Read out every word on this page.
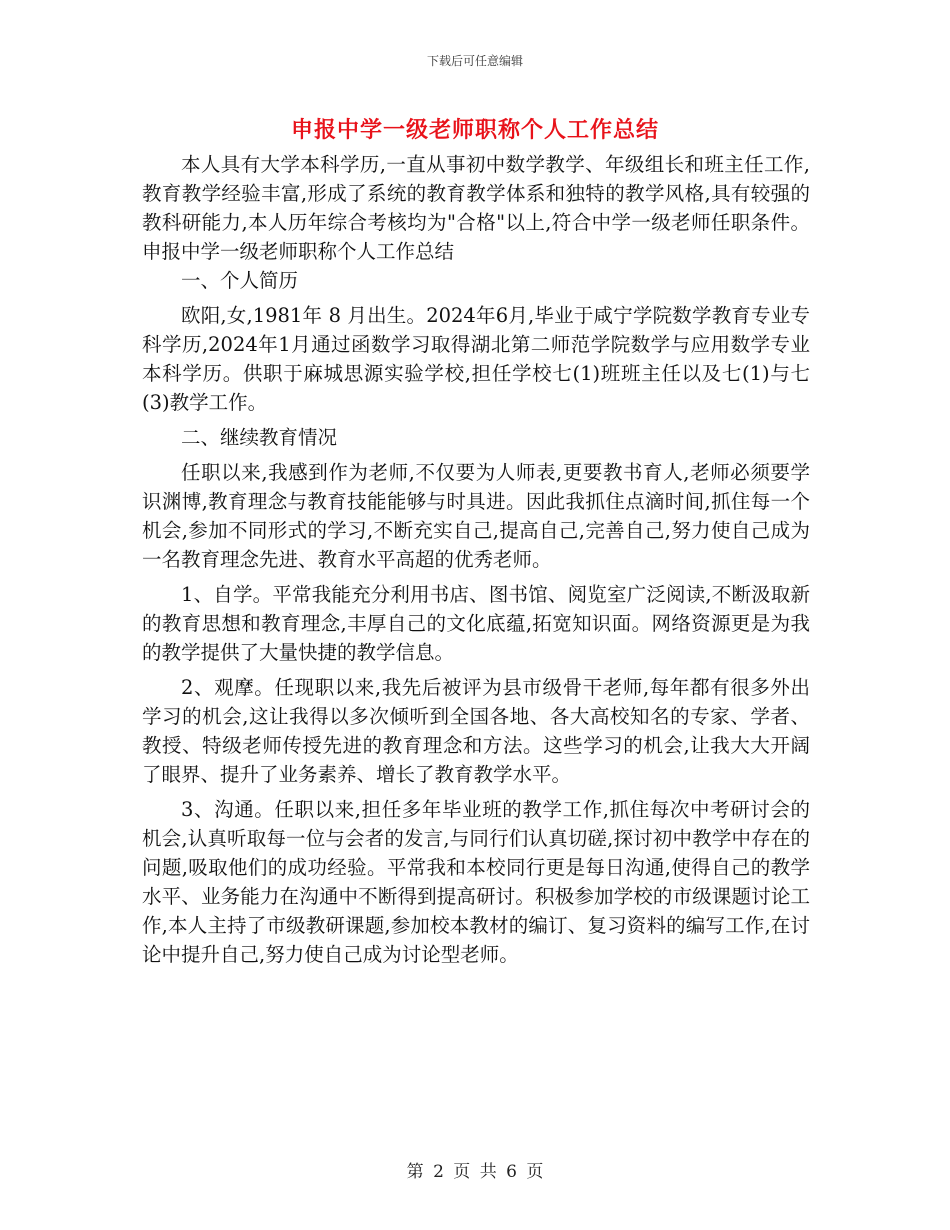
下载后可任意编辑
申报中学一级老师职称个人工作总结

本人具有大学本科学历,一直从事初中数学教学、年级组长和班主任工作,教育教学经验丰富,形成了系统的教育教学体系和独特的教学风格,具有较强的教科研能力,本人历年综合考核均为"合格"以上,符合中学一级老师任职条件。申报中学一级老师职称个人工作总结

一、个人简历

欧阳,女,1981年 8 月出生。2024年6月,毕业于咸宁学院数学教育专业专科学历,2024年1月通过函数学习取得湖北第二师范学院数学与应用数学专业本科学历。供职于麻城思源实验学校,担任学校七(1)班班主任以及七(1)与七(3)教学工作。

二、继续教育情况

任职以来,我感到作为老师,不仅要为人师表,更要教书育人,老师必须要学识渊博,教育理念与教育技能能够与时具进。因此我抓住点滴时间,抓住每一个机会,参加不同形式的学习,不断充实自己,提高自己,完善自己,努力使自己成为一名教育理念先进、教育水平高超的优秀老师。

1、自学。平常我能充分利用书店、图书馆、阅览室广泛阅读,不断汲取新的教育思想和教育理念,丰厚自己的文化底蕴,拓宽知识面。网络资源更是为我的教学提供了大量快捷的教学信息。

2、观摩。任现职以来,我先后被评为县市级骨干老师,每年都有很多外出学习的机会,这让我得以多次倾听到全国各地、各大高校知名的专家、学者、教授、特级老师传授先进的教育理念和方法。这些学习的机会,让我大大开阔了眼界、提升了业务素养、增长了教育教学水平。

3、沟通。任职以来,担任多年毕业班的教学工作,抓住每次中考研讨会的机会,认真听取每一位与会者的发言,与同行们认真切磋,探讨初中教学中存在的问题,吸取他们的成功经验。平常我和本校同行更是每日沟通,使得自己的教学水平、业务能力在沟通中不断得到提高研讨。积极参加学校的市级课题讨论工作,本人主持了市级教研课题,参加校本教材的编订、复习资料的编写工作,在讨论中提升自己,努力使自己成为讨论型老师。

第 2 页 共 6 页
